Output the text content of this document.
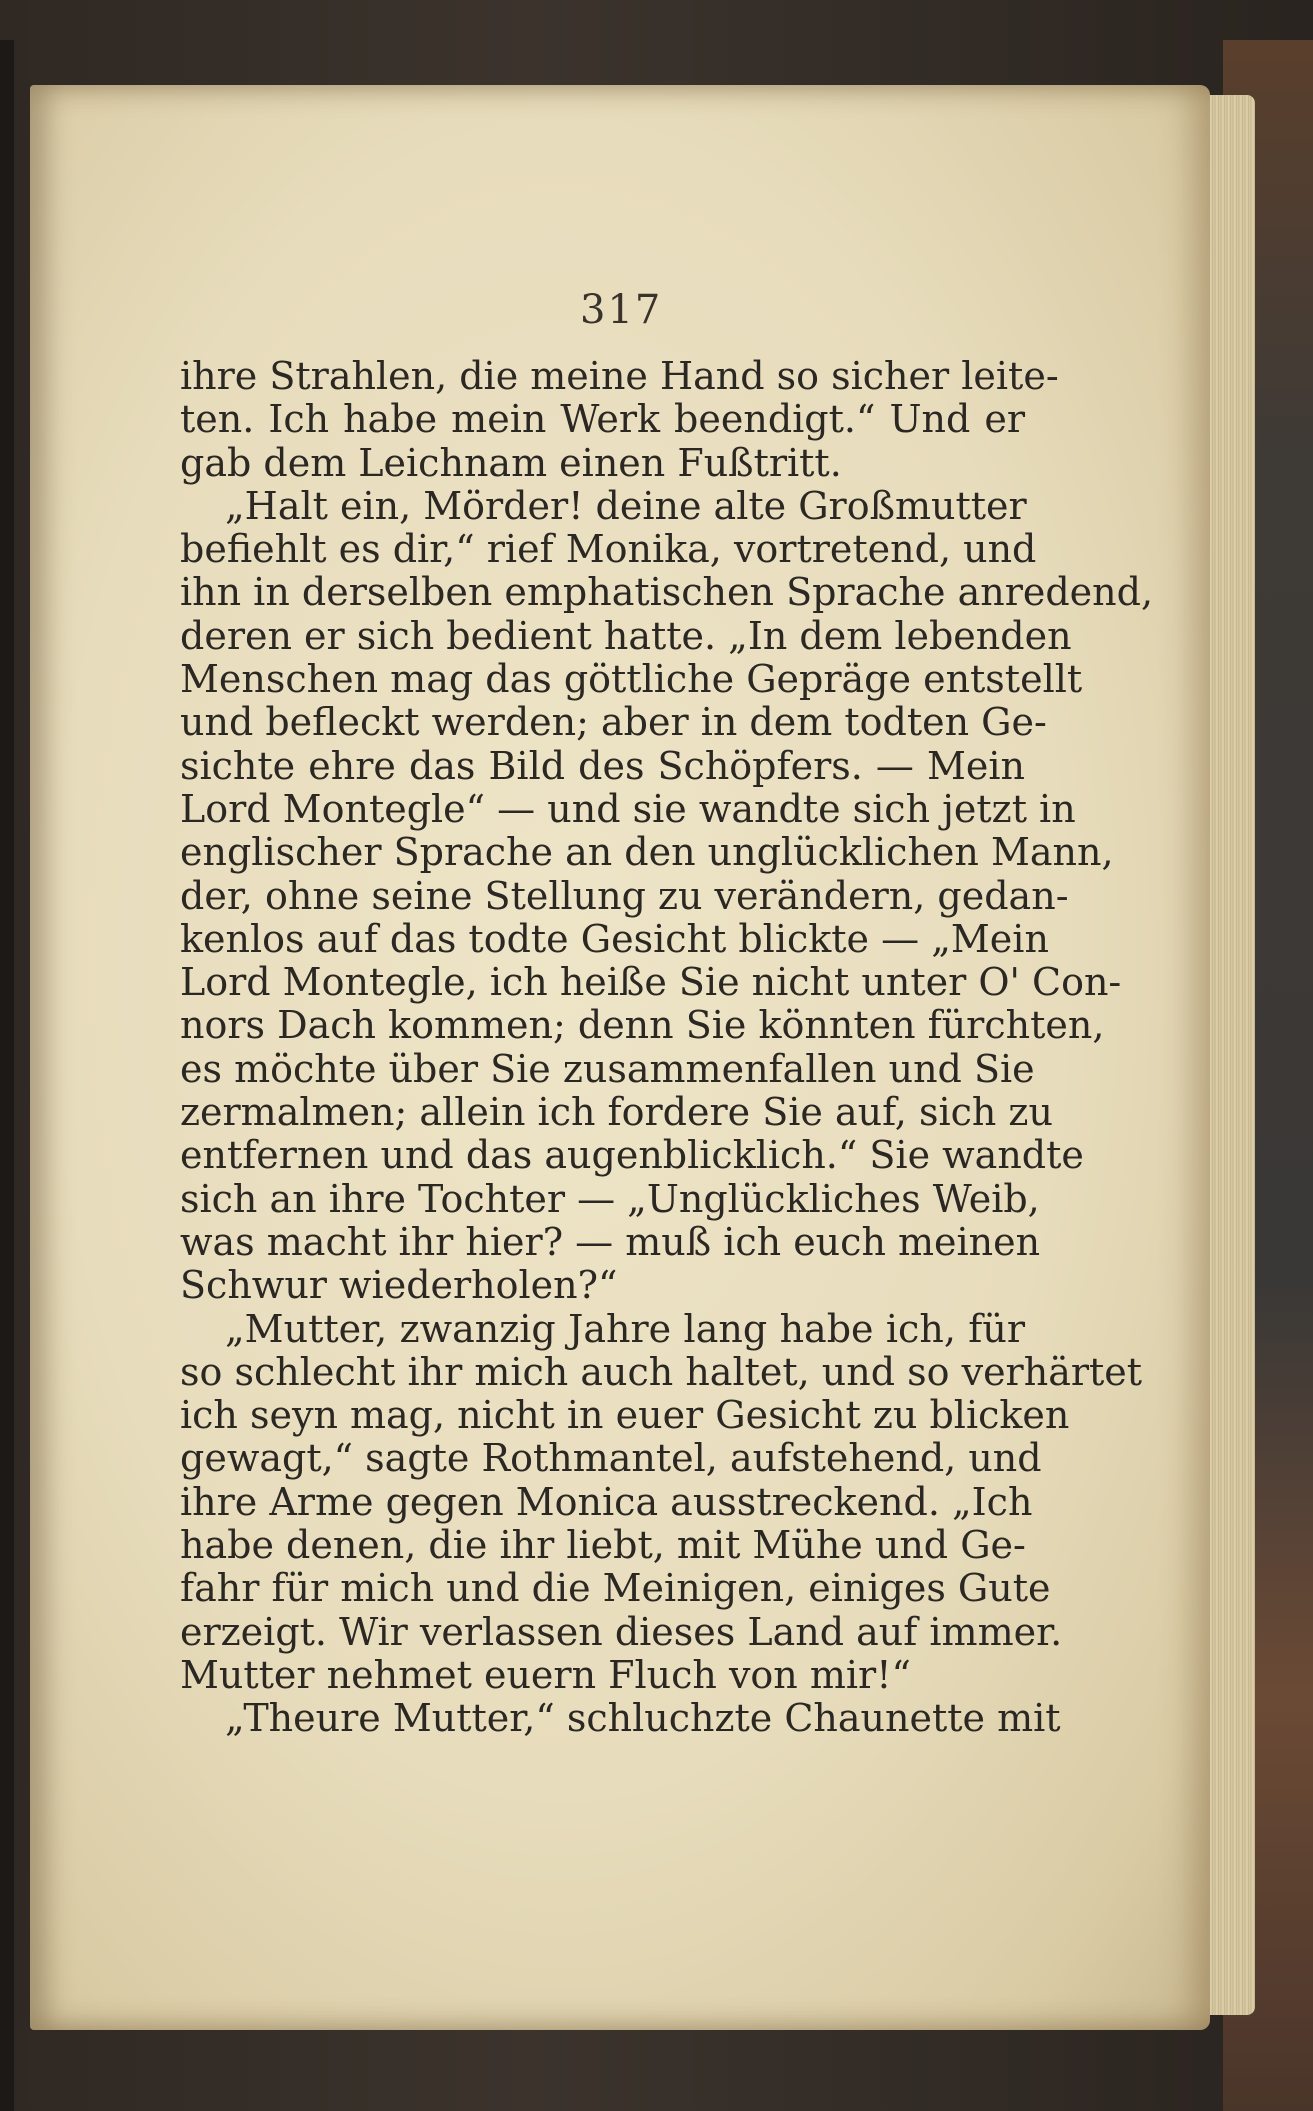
317
ihre Strahlen, die meine Hand so sicher leite-
ten. Ich habe mein Werk beendigt.“ Und er
gab dem Leichnam einen Fußtritt.
„Halt ein, Mörder! deine alte Großmutter
befiehlt es dir,“ rief Monika, vortretend, und
ihn in derselben emphatischen Sprache anredend,
deren er sich bedient hatte. „In dem lebenden
Menschen mag das göttliche Gepräge entstellt
und befleckt werden; aber in dem todten Ge-
sichte ehre das Bild des Schöpfers. — Mein
Lord Montegle“ — und sie wandte sich jetzt in
englischer Sprache an den unglücklichen Mann,
der, ohne seine Stellung zu verändern, gedan-
kenlos auf das todte Gesicht blickte — „Mein
Lord Montegle, ich heiße Sie nicht unter O' Con-
nors Dach kommen; denn Sie könnten fürchten,
es möchte über Sie zusammenfallen und Sie
zermalmen; allein ich fordere Sie auf, sich zu
entfernen und das augenblicklich.“ Sie wandte
sich an ihre Tochter — „Unglückliches Weib,
was macht ihr hier? — muß ich euch meinen
Schwur wiederholen?“
„Mutter, zwanzig Jahre lang habe ich, für
so schlecht ihr mich auch haltet, und so verhärtet
ich seyn mag, nicht in euer Gesicht zu blicken
gewagt,“ sagte Rothmantel, aufstehend, und
ihre Arme gegen Monica ausstreckend. „Ich
habe denen, die ihr liebt, mit Mühe und Ge-
fahr für mich und die Meinigen, einiges Gute
erzeigt. Wir verlassen dieses Land auf immer.
Mutter nehmet euern Fluch von mir!“
„Theure Mutter,“ schluchzte Chaunette mit
